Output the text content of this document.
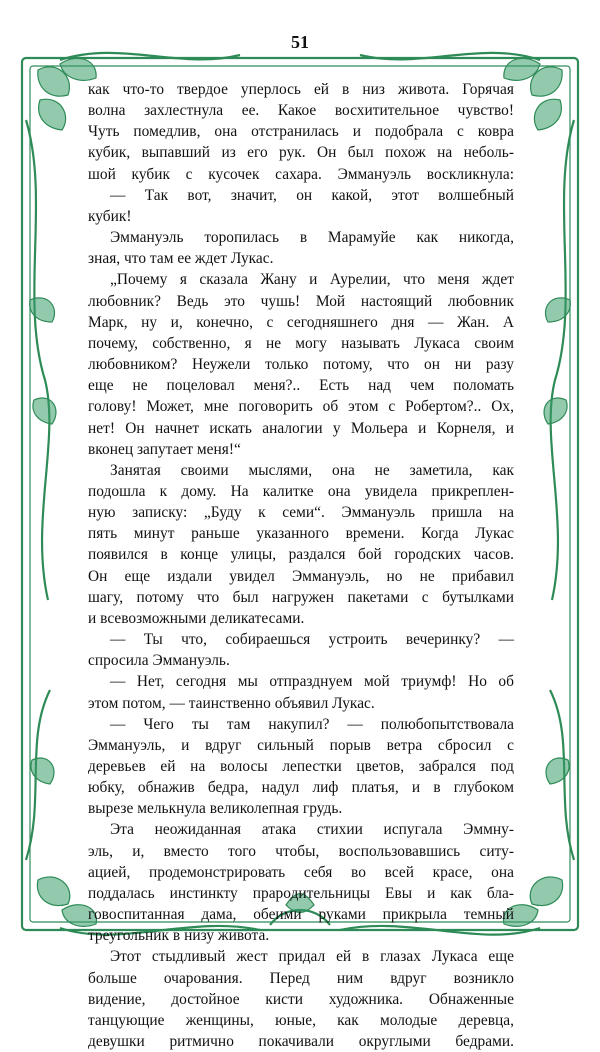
51
как что-то твердое уперлось ей в низ живота. Горячая
волна захлестнула ее. Какое восхитительное чувство!
Чуть помедлив, она отстранилась и подобрала с ковра
кубик, выпавший из его рук. Он был похож на неболь-
шой кубик с кусочек сахара. Эммануэль воскликнула:
— Так вот, значит, он какой, этот волшебный
кубик!
Эммануэль торопилась в Марамуйе как никогда,
зная, что там ее ждет Лукас.
„Почему я сказала Жану и Аурелии, что меня ждет
любовник? Ведь это чушь! Мой настоящий любовник
Марк, ну и, конечно, с сегодняшнего дня — Жан. А
почему, собственно, я не могу называть Лукаса своим
любовником? Неужели только потому, что он ни разу
еще не поцеловал меня?.. Есть над чем поломать
голову! Может, мне поговорить об этом с Робертом?.. Ох,
нет! Он начнет искать аналогии у Мольера и Корнеля, и
вконец запутает меня!“
Занятая своими мыслями, она не заметила, как
подошла к дому. На калитке она увидела прикреплен-
ную записку: „Буду к семи“. Эммануэль пришла на
пять минут раньше указанного времени. Когда Лукас
появился в конце улицы, раздался бой городских часов.
Он еще издали увидел Эммануэль, но не прибавил
шагу, потому что был нагружен пакетами с бутылками
и всевозможными деликатесами.
— Ты что, собираешься устроить вечеринку? —
спросила Эммануэль.
— Нет, сегодня мы отпразднуем мой триумф! Но об
этом потом, — таинственно объявил Лукас.
— Чего ты там накупил? — полюбопытствовала
Эммануэль, и вдруг сильный порыв ветра сбросил с
деревьев ей на волосы лепестки цветов, забрался под
юбку, обнажив бедра, надул лиф платья, и в глубоком
вырезе мелькнула великолепная грудь.
Эта неожиданная атака стихии испугала Эммну-
эль, и, вместо того чтобы, воспользовавшись ситу-
ацией, продемонстрировать себя во всей красе, она
поддалась инстинкту прародительницы Евы и как бла-
говоспитанная дама, обеими руками прикрыла темный
треугольник в низу живота.
Этот стыдливый жест придал ей в глазах Лукаса еще
больше очарования. Перед ним вдруг возникло
видение, достойное кисти художника. Обнаженные
танцующие женщины, юные, как молодые деревца,
девушки ритмично покачивали округлыми бедрами.
